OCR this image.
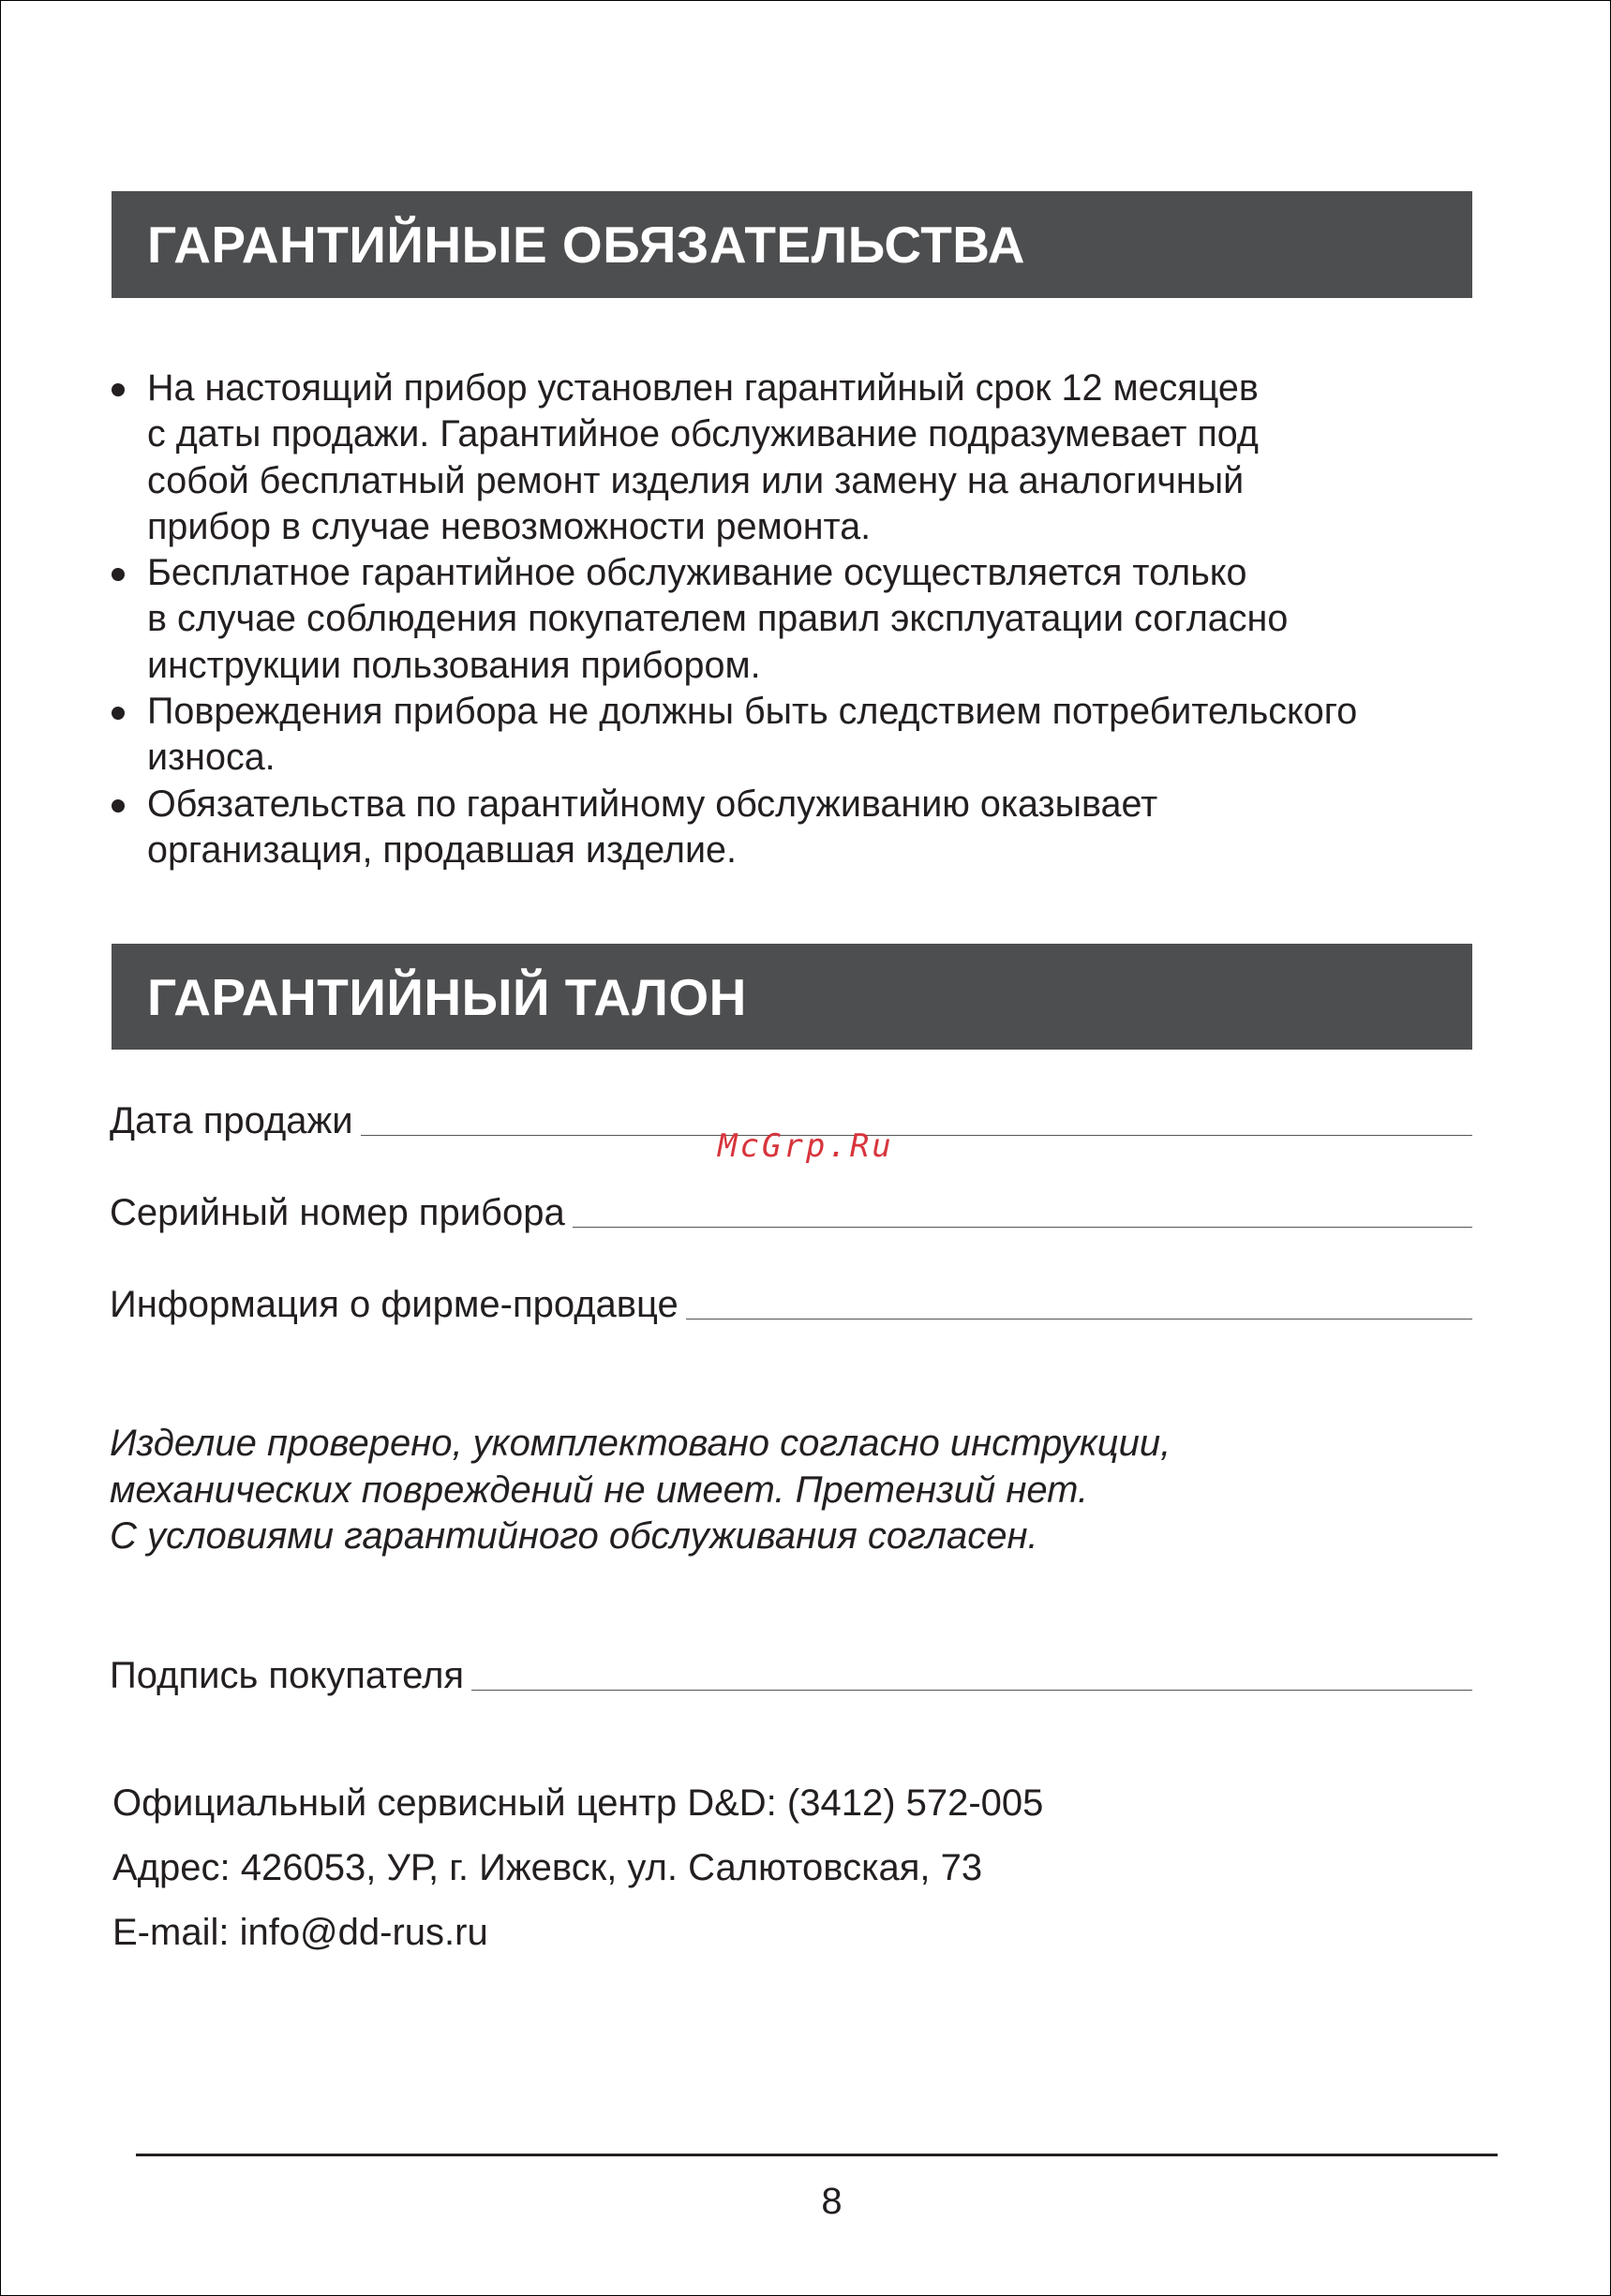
ГАРАНТИЙНЫЕ ОБЯЗАТЕЛЬСТВА
На настоящий прибор установлен гарантийный срок 12 месяцев
с даты продажи. Гарантийное обслуживание подразумевает под
собой бесплатный ремонт изделия или замену на аналогичный
прибор в случае невозможности ремонта.
Бесплатное гарантийное обслуживание осуществляется только
в случае соблюдения покупателем правил эксплуатации согласно
инструкции пользования прибором.
Повреждения прибора не должны быть следствием потребительского
износа.
Обязательства по гарантийному обслуживанию оказывает
организация, продавшая изделие.
ГАРАНТИЙНЫЙ ТАЛОН
Дата продажи
McGrp.Ru
Серийный номер прибора
Информация о фирме-продавце
Изделие проверено, укомплектовано согласно инструкции,
механических повреждений не имеет. Претензий нет.
С условиями гарантийного обслуживания согласен.
Подпись покупателя
Официальный сервисный центр D&D: (3412) 572-005
Адрес: 426053, УР, г. Ижевск, ул. Салютовская, 73
E-mail: info@dd-rus.ru
8
